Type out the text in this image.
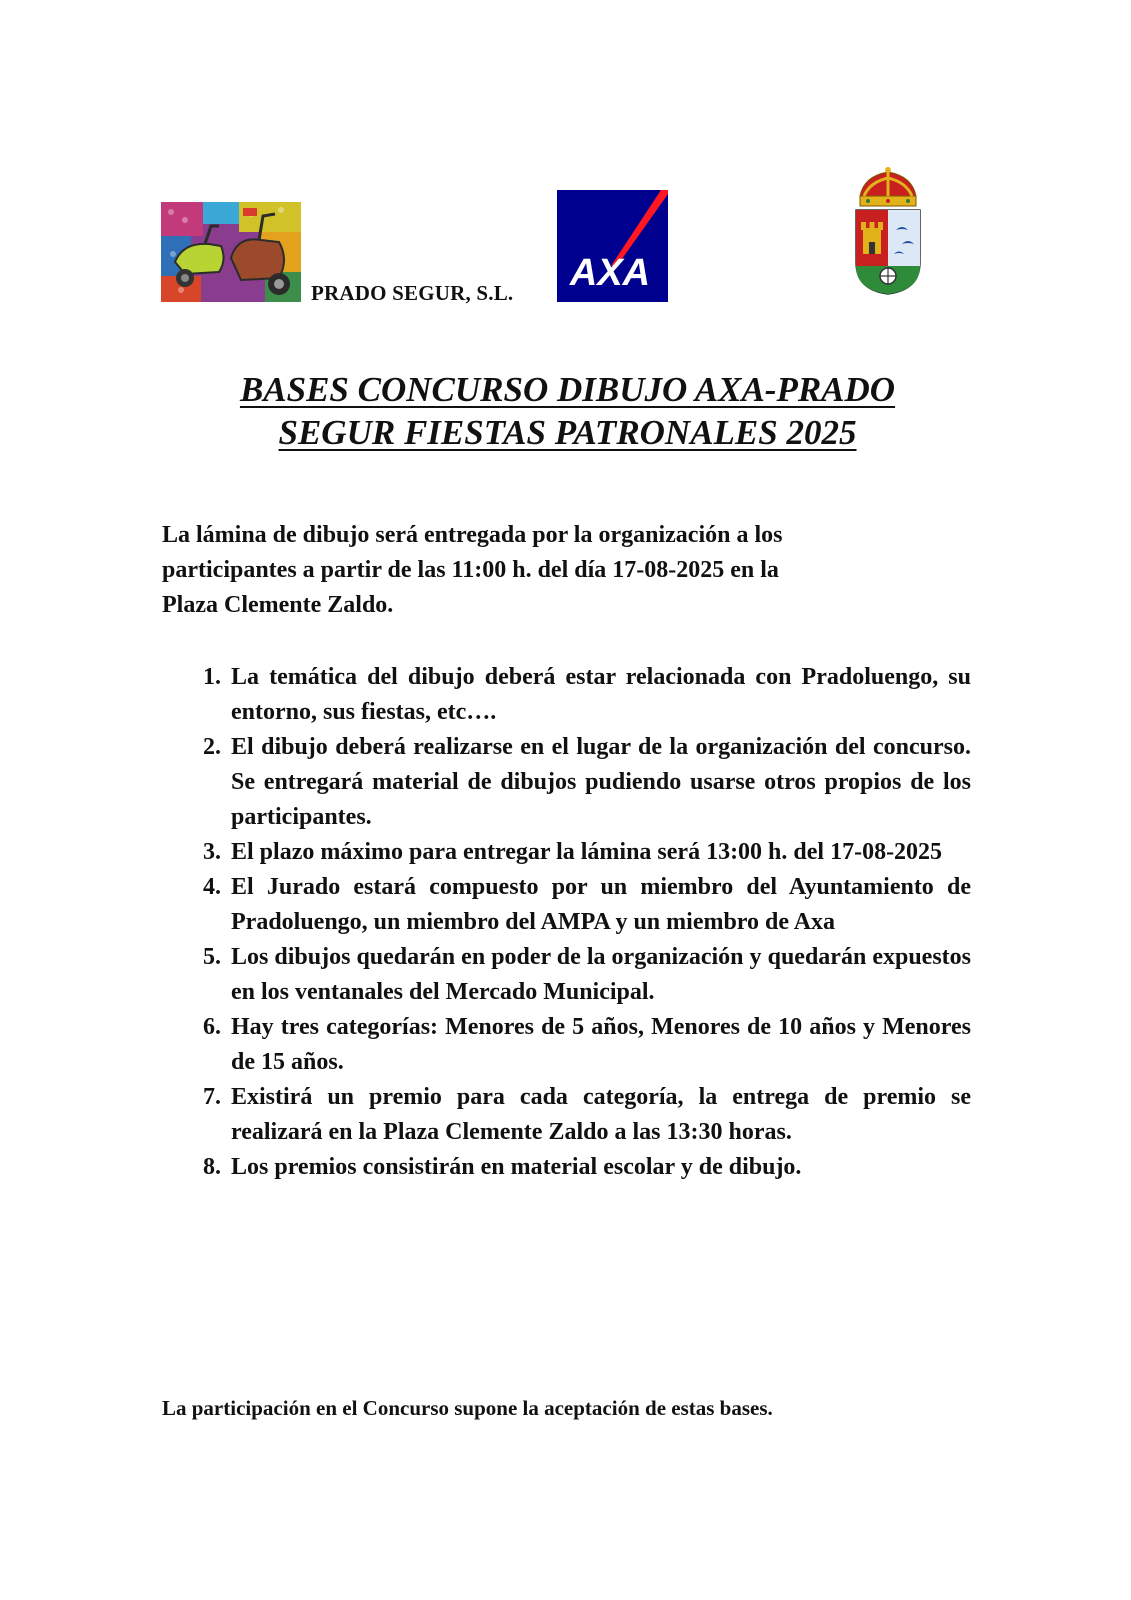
PRADO SEGUR, S.L. AXA
BASES CONCURSO DIBUJO AXA-PRADO
SEGUR FIESTAS PATRONALES 2025
La lámina de dibujo será entregada por la organización a los
participantes a partir de las 11:00 h. del día 17-08-2025 en la
Plaza Clemente Zaldo.
1. La temática del dibujo deberá estar relacionada con Pradoluengo, su entorno, sus fiestas, etc….
2. El dibujo deberá realizarse en el lugar de la organización del concurso. Se entregará material de dibujos pudiendo usarse otros propios de los participantes.
3. El plazo máximo para entregar la lámina será 13:00 h. del 17-08-2025
4. El Jurado estará compuesto por un miembro del Ayuntamiento de Pradoluengo, un miembro del AMPA y un miembro de Axa
5. Los dibujos quedarán en poder de la organización y quedarán expuestos en los ventanales del Mercado Municipal.
6. Hay tres categorías: Menores de 5 años, Menores de 10 años y Menores de 15 años.
7. Existirá un premio para cada categoría, la entrega de premio se realizará en la Plaza Clemente Zaldo a las 13:30 horas.
8. Los premios consistirán en material escolar y de dibujo.
La participación en el Concurso supone la aceptación de estas bases.
